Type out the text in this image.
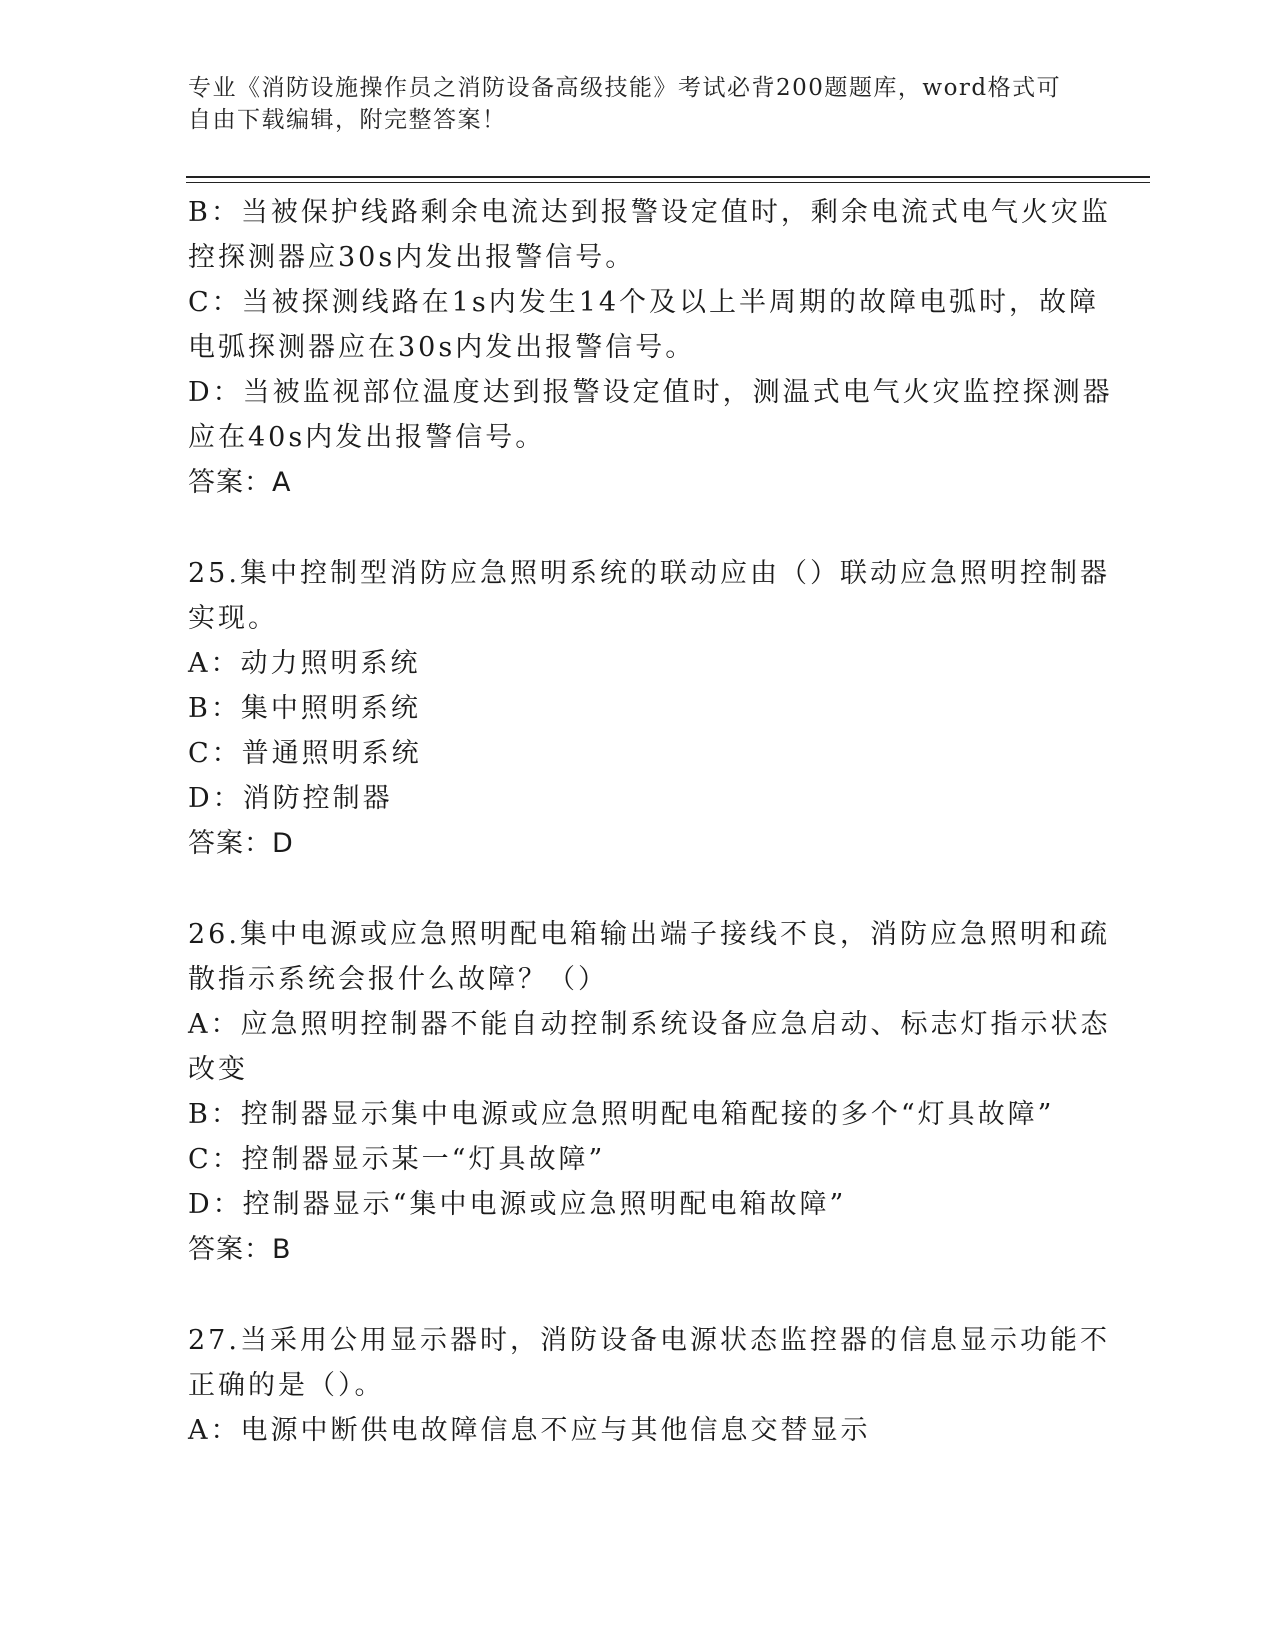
专业《消防设施操作员之消防设备高级技能》考试必背200题题库，word格式可
自由下载编辑，附完整答案！
B：当被保护线路剩余电流达到报警设定值时，剩余电流式电气火灾监
控探测器应30s内发出报警信号。
C：当被探测线路在1s内发生14个及以上半周期的故障电弧时，故障
电弧探测器应在30s内发出报警信号。
D：当被监视部位温度达到报警设定值时，测温式电气火灾监控探测器
应在40s内发出报警信号。
答案：A
25.集中控制型消防应急照明系统的联动应由（）联动应急照明控制器
实现。
A：动力照明系统
B：集中照明系统
C：普通照明系统
D：消防控制器
答案：D
26.集中电源或应急照明配电箱输出端子接线不良，消防应急照明和疏
散指示系统会报什么故障？（）
A：应急照明控制器不能自动控制系统设备应急启动、标志灯指示状态
改变
B：控制器显示集中电源或应急照明配电箱配接的多个“灯具故障”
C：控制器显示某一“灯具故障”
D：控制器显示“集中电源或应急照明配电箱故障”
答案：B
27.当采用公用显示器时，消防设备电源状态监控器的信息显示功能不
正确的是（）。
A：电源中断供电故障信息不应与其他信息交替显示
